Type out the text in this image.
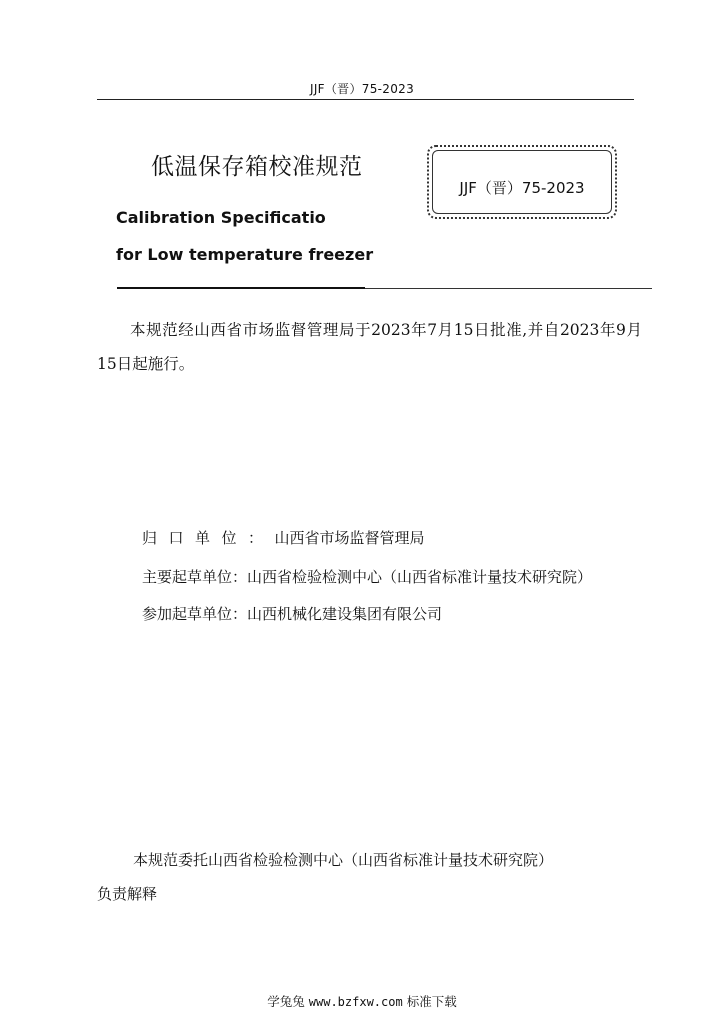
JJF（晋）75-2023
低温保存箱校准规范
JJF（晋）75-2023
Calibration Specificatio
for Low temperature freezer
本规范经山西省市场监督管理局于2023年7月15日批准,并自2023年9月15日起施行。
归口单位：山西省市场监督管理局
主要起草单位：山西省检验检测中心（山西省标准计量技术研究院）
参加起草单位：山西机械化建设集团有限公司
本规范委托山西省检验检测中心（山西省标准计量技术研究院）
负责解释
学兔兔 www.bzfxw.com 标准下载
